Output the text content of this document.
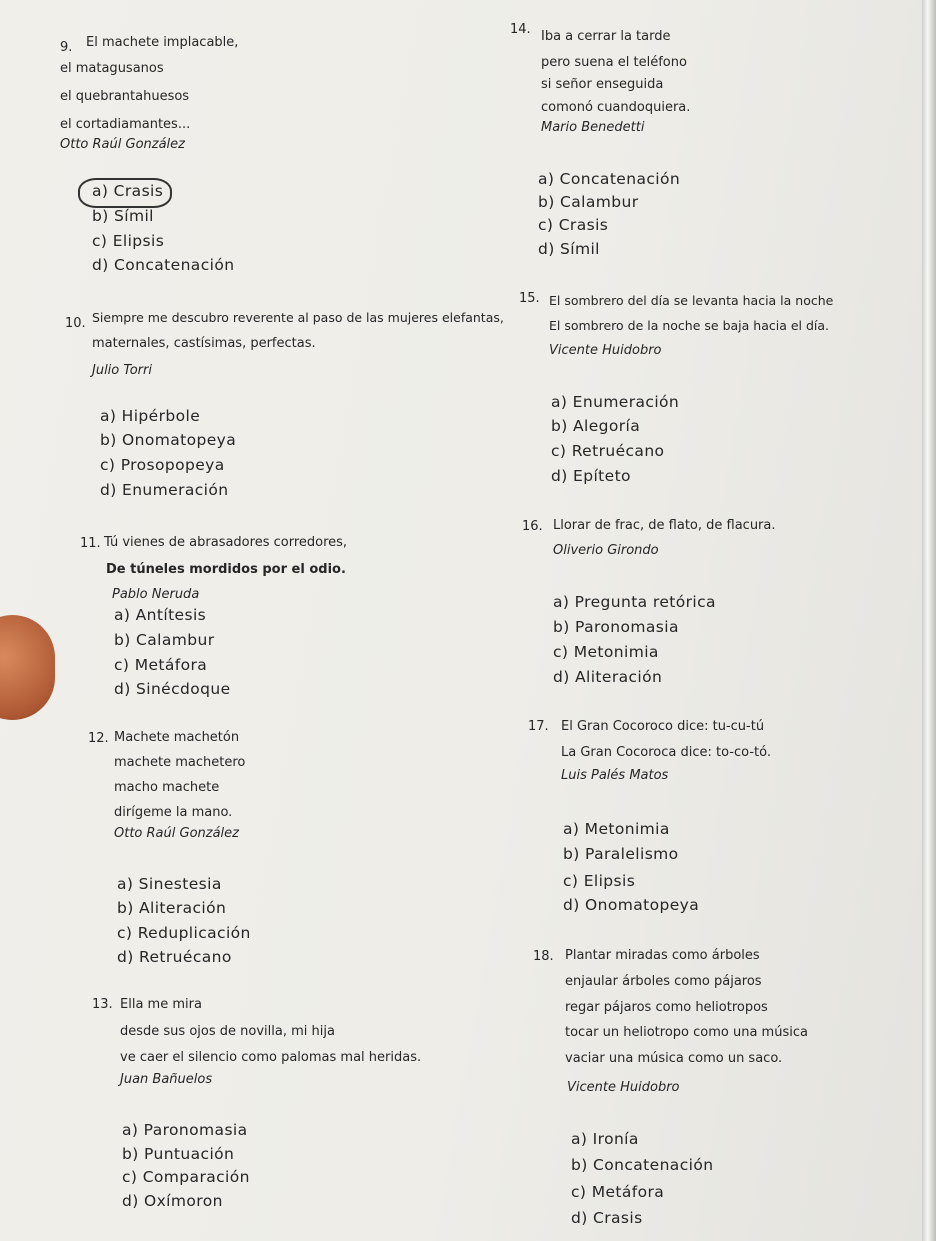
9. El machete implacable,
el matagusanos
el quebrantahuesos
el cortadiamantes...
Otto Raúl González
a) Crasis
b) Símil
c) Elipsis
d) Concatenación
14. Iba a cerrar la tarde
pero suena el teléfono
si señor enseguida
comonó cuandoquiera.
Mario Benedetti
a) Concatenación
b) Calambur
c) Crasis
d) Símil
10. Siempre me descubro reverente al paso de las mujeres elefantas,
maternales, castísimas, perfectas.
Julio Torri
a) Hipérbole
b) Onomatopeya
c) Prosopopeya
d) Enumeración
15. El sombrero del día se levanta hacia la noche
El sombrero de la noche se baja hacia el día.
Vicente Huidobro
a) Enumeración
b) Alegoría
c) Retruécano
d) Epíteto
11. Tú vienes de abrasadores corredores,
De túneles mordidos por el odio.
Pablo Neruda
a) Antítesis
b) Calambur
c) Metáfora
d) Sinécdoque
16. Llorar de frac, de flato, de flacura.
Oliverio Girondo
a) Pregunta retórica
b) Paronomasia
c) Metonimia
d) Aliteración
12. Machete machetón
machete machetero
macho machete
dirígeme la mano.
Otto Raúl González
a) Sinestesia
b) Aliteración
c) Reduplicación
d) Retruécano
17. El Gran Cocoroco dice: tu-cu-tú
La Gran Cocoroca dice: to-co-tó.
Luis Palés Matos
a) Metonimia
b) Paralelismo
c) Elipsis
d) Onomatopeya
13. Ella me mira
desde sus ojos de novilla, mi hija
ve caer el silencio como palomas mal heridas.
Juan Bañuelos
a) Paronomasia
b) Puntuación
c) Comparación
d) Oxímoron
18. Plantar miradas como árboles
enjaular árboles como pájaros
regar pájaros como heliotropos
tocar un heliotropo como una música
vaciar una música como un saco.
Vicente Huidobro
a) Ironía
b) Concatenación
c) Metáfora
d) Crasis
